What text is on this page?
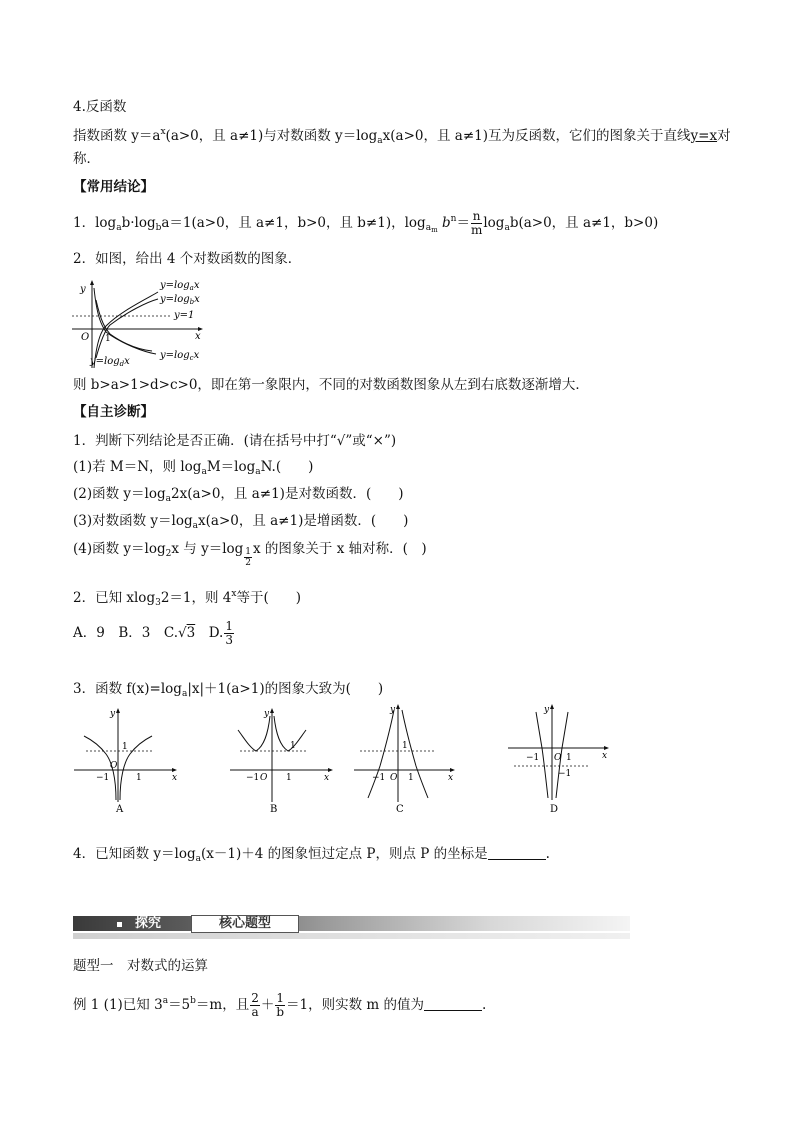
4.反函数
指数函数 $y=a^x(a>0$，且 a≠1)与对数函数 $y=\log_ax(a>0$，且 a≠1)互为反函数，它们的图象关于直线y=x对
称．
【常用结论】
1．$\log_ab\cdot\log_ba=1(a>0$，且 a≠1，b>0，且 b≠1)，$\log_{am} b^n= \frac{n}{m} \log_ab(a>0$，且 a≠1，b>0)
2．如图，给出 4 个对数函数的图象．
y
x
O 1
$y=\log_ax$
$y=\log_bx$
y=1
$y=\log_cx$
$y=\log_dx$
则 b>a>1>d>c>0，即在第一象限内，不同的对数函数图象从左到右底数逐渐增大．
【自主诊断】
1．判断下列结论是否正确．(请在括号中打“√”或“×”)
(1)若 M＝N，则 $\log_aM=\log_aN$.(　　)
(2)函数 $y=\log_a2x(a>0$，且 a≠1)是对数函数．(　　)
(3)对数函数 $y=\log_ax(a>0$，且 a≠1)是增函数．(　　)
(4)函数 $y=\log_2x$ 与 $y=\log \frac{1}{2}$ x 的图象关于 x 轴对称．(　)
2．已知 xlog$_3$2＝1，则 4$^x$等于(　　)
A．9　B．3　C.√3　D. $\frac{1}{3}$
3．函数 $f(x)=\log_a|x|+1(a>1)$的图象大致为(　　)
y
x
O
1
−1	1
A
y
x
O
1
−1	1
B
y
x
O
1
−1	1
C
y
x
O
−1
−1	1
D
4．已知函数 $y=\log_a(x-1)+4$ 的图象恒过定点 P，则点 P 的坐标是	.
探究	核心题型
题型一　对数式的运算
例 1 (1)已知 $3^a=5^b=m$，且 $\frac{2}{a} + \frac{1}{b} =1$，则实数 m 的值为	.
